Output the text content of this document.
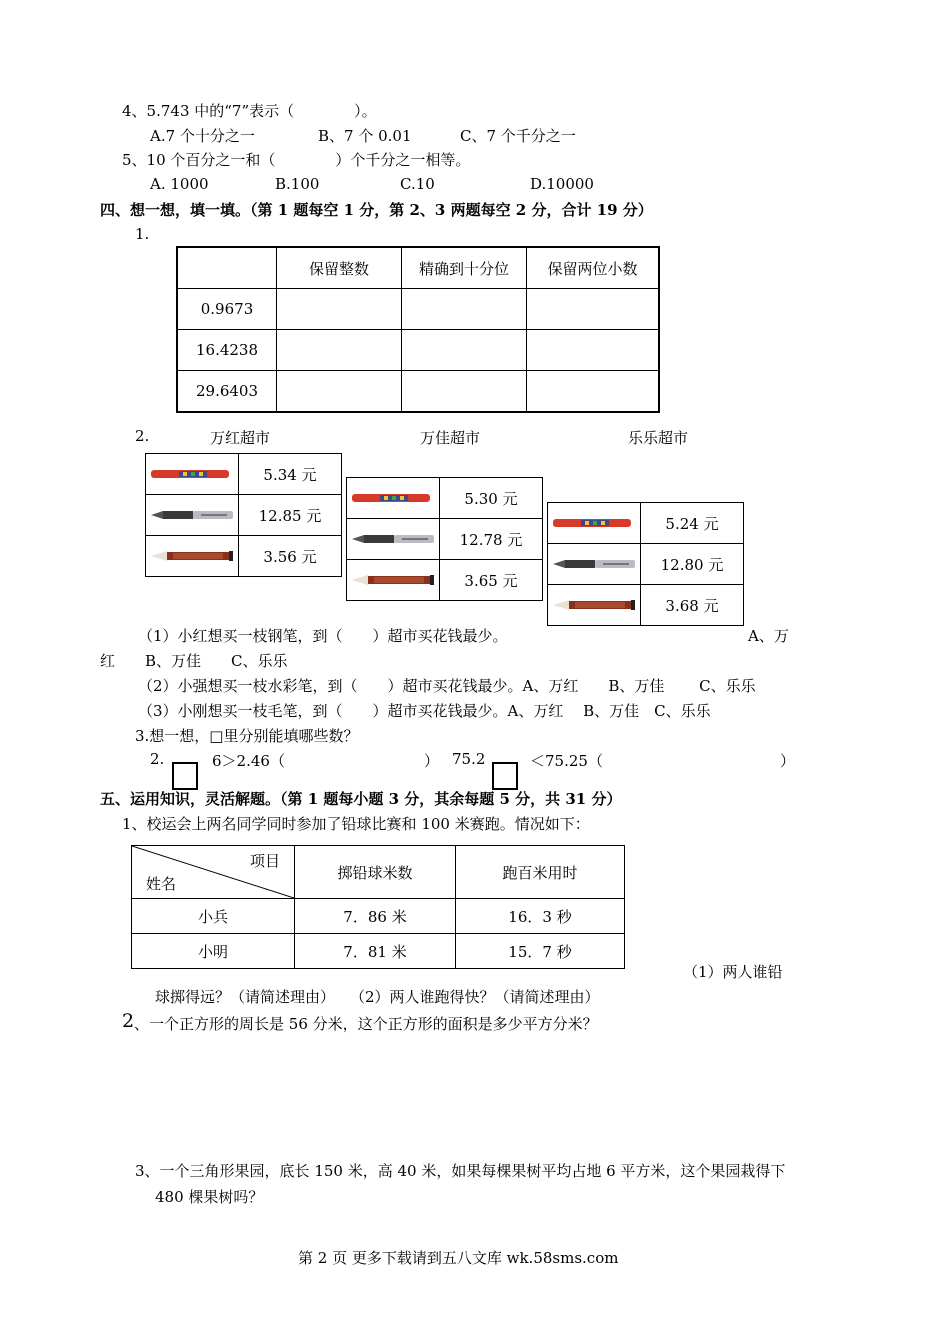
4、5.743 中的“7”表示（　　　　）。
A.7 个十分之一	B、7 个 0.01	C、7 个千分之一
5、10 个百分之一和（　　　　）个千分之一相等。
A. 1000	B.100	C.10	D.10000
四、想一想，填一填。（第 1 题每空 1 分，第 2、3 两题每空 2 分，合计 19 分）
1.
	保留整数	精确到十分位	保留两位小数
0.9673			
16.4238			
29.6403			
2.	万红超市	万佳超市	乐乐超市
	5.34 元

	12.85 元

	3.56 元
	5.30 元

	12.78 元

	3.65 元
	5.24 元

	12.80 元

	3.68 元
（1）小红想买一枝钢笔，到（　　）超市买花钱最少。	A、万
红　　B、万佳　　C、乐乐
（2）小强想买一枝水彩笔，到（　　）超市买花钱最少。A、万红　　B、万佳　　 C、乐乐
（3）小刚想买一枝毛笔，到（　　）超市买花钱最少。A、万红　 B、万佳　C、乐乐
3.想一想，□里分别能填哪些数？
2.	6＞2.46（	） 75.2	＜75.25（	）
五、运用知识，灵活解题。（第 1 题每小题 3 分，其余每题 5 分，共 31 分）
1、校运会上两名同学同时参加了铅球比赛和 100 米赛跑。情况如下：
项目
姓名	掷铅球米数	跑百米用时
小兵	7．86 米	16．3 秒
小明	7．81 米	15．7 秒
（1）两人谁铅
球掷得远？（请简述理由）　　（2）两人谁跑得快？（请简述理由）
2 、一个正方形的周长是 56 分米，这个正方形的面积是多少平方分米？
3、一个三角形果园，底长 150 米，高 40 米，如果每棵果树平均占地 6 平方米，这个果园栽得下
480 棵果树吗？
第 2 页 更多下载请到五八文库 wk.58sms.com
